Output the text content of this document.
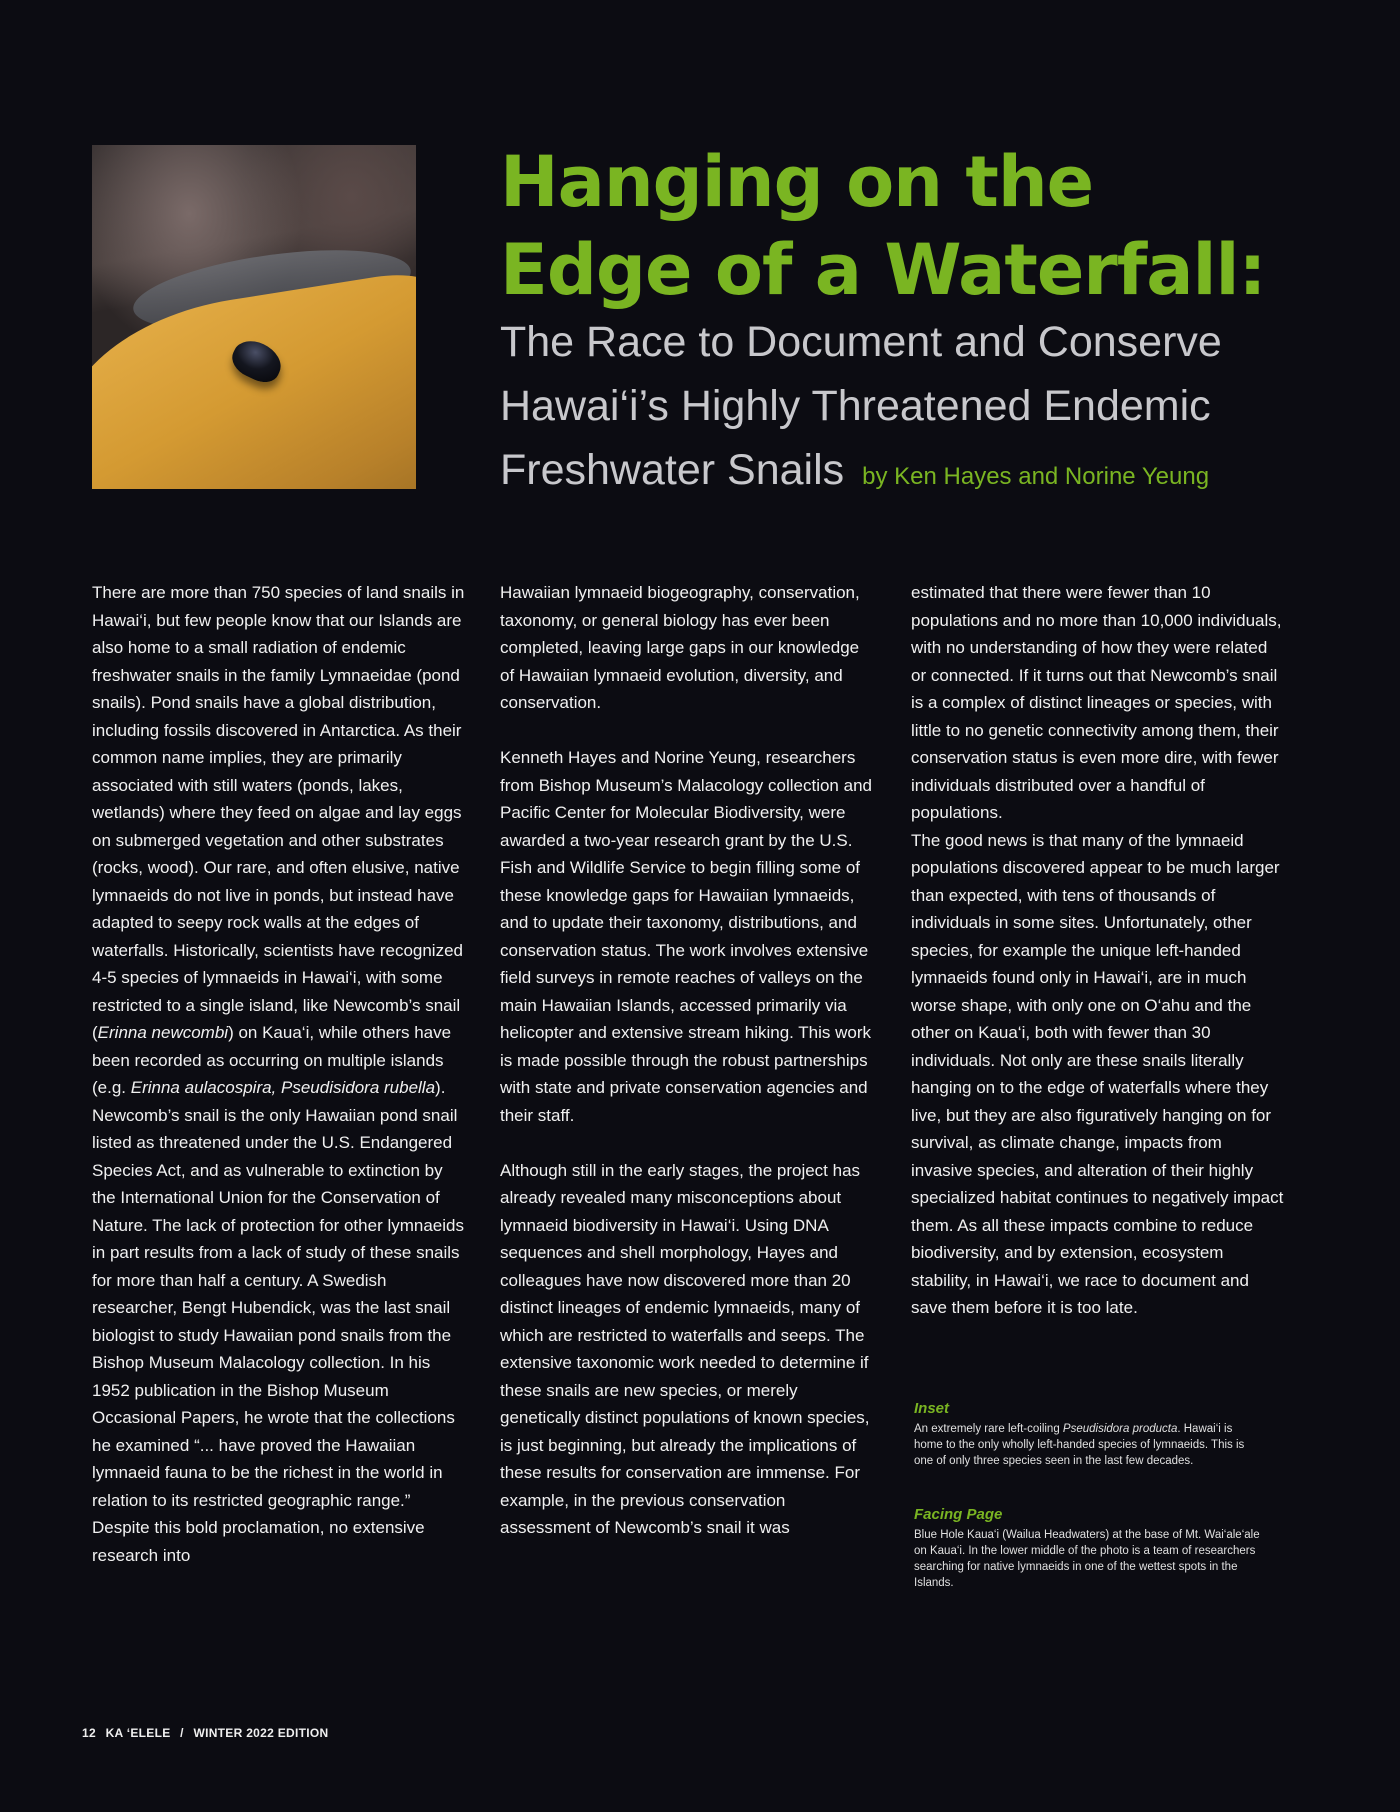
Hanging on the
Edge of a Waterfall:
The Race to Document and Conserve
Hawai‘i’s Highly Threatened Endemic
Freshwater Snails by Ken Hayes and Norine Yeung

There are more than 750 species of land snails in Hawai‘i, but few people know that our Islands are also home to a small radiation of endemic freshwater snails in the family Lymnaeidae (pond snails). Pond snails have a global distribution, including fossils discovered in Antarctica. As their common name implies, they are primarily associated with still waters (ponds, lakes, wetlands) where they feed on algae and lay eggs on submerged vegetation and other substrates (rocks, wood). Our rare, and often elusive, native lymnaeids do not live in ponds, but instead have adapted to seepy rock walls at the edges of waterfalls. Historically, scientists have recognized 4-5 species of lymnaeids in Hawai‘i, with some restricted to a single island, like Newcomb’s snail (Erinna newcombi) on Kaua‘i, while others have been recorded as occurring on multiple islands (e.g. Erinna aulacospira, Pseudisidora rubella). Newcomb’s snail is the only Hawaiian pond snail listed as threatened under the U.S. Endangered Species Act, and as vulnerable to extinction by the International Union for the Conservation of Nature. The lack of protection for other lymnaeids in part results from a lack of study of these snails for more than half a century. A Swedish researcher, Bengt Hubendick, was the last snail biologist to study Hawaiian pond snails from the Bishop Museum Malacology collection. In his 1952 publication in the Bishop Museum Occasional Papers, he wrote that the collections he examined “... have proved the Hawaiian lymnaeid fauna to be the richest in the world in relation to its restricted geographic range.” Despite this bold proclamation, no extensive research into

Hawaiian lymnaeid biogeography, conservation, taxonomy, or general biology has ever been completed, leaving large gaps in our knowledge of Hawaiian lymnaeid evolution, diversity, and conservation.

Kenneth Hayes and Norine Yeung, researchers from Bishop Museum’s Malacology collection and Pacific Center for Molecular Biodiversity, were awarded a two-year research grant by the U.S. Fish and Wildlife Service to begin filling some of these knowledge gaps for Hawaiian lymnaeids, and to update their taxonomy, distributions, and conservation status. The work involves extensive field surveys in remote reaches of valleys on the main Hawaiian Islands, accessed primarily via helicopter and extensive stream hiking. This work is made possible through the robust partnerships with state and private conservation agencies and their staff.

Although still in the early stages, the project has already revealed many misconceptions about lymnaeid biodiversity in Hawai‘i. Using DNA sequences and shell morphology, Hayes and colleagues have now discovered more than 20 distinct lineages of endemic lymnaeids, many of which are restricted to waterfalls and seeps. The extensive taxonomic work needed to determine if these snails are new species, or merely genetically distinct populations of known species, is just beginning, but already the implications of these results for conservation are immense. For example, in the previous conservation assessment of Newcomb’s snail it was

estimated that there were fewer than 10 populations and no more than 10,000 individuals, with no understanding of how they were related or connected. If it turns out that Newcomb’s snail is a complex of distinct lineages or species, with little to no genetic connectivity among them, their conservation status is even more dire, with fewer individuals distributed over a handful of populations.

The good news is that many of the lymnaeid populations discovered appear to be much larger than expected, with tens of thousands of individuals in some sites. Unfortunately, other species, for example the unique left-handed lymnaeids found only in Hawai‘i, are in much worse shape, with only one on O‘ahu and the other on Kaua‘i, both with fewer than 30 individuals. Not only are these snails literally hanging on to the edge of waterfalls where they live, but they are also figuratively hanging on for survival, as climate change, impacts from invasive species, and alteration of their highly specialized habitat continues to negatively impact them. As all these impacts combine to reduce biodiversity, and by extension, ecosystem stability, in Hawai‘i, we race to document and save them before it is too late.

Inset
An extremely rare left-coiling Pseudisidora producta. Hawai‘i is home to the only wholly left-handed species of lymnaeids. This is one of only three species seen in the last few decades.
Facing Page
Blue Hole Kaua‘i (Wailua Headwaters) at the base of Mt. Wai‘ale‘ale on Kaua‘i. In the lower middle of the photo is a team of researchers searching for native lymnaeids in one of the wettest spots in the Islands.
12 KA ‘ELELE / WINTER 2022 EDITION
